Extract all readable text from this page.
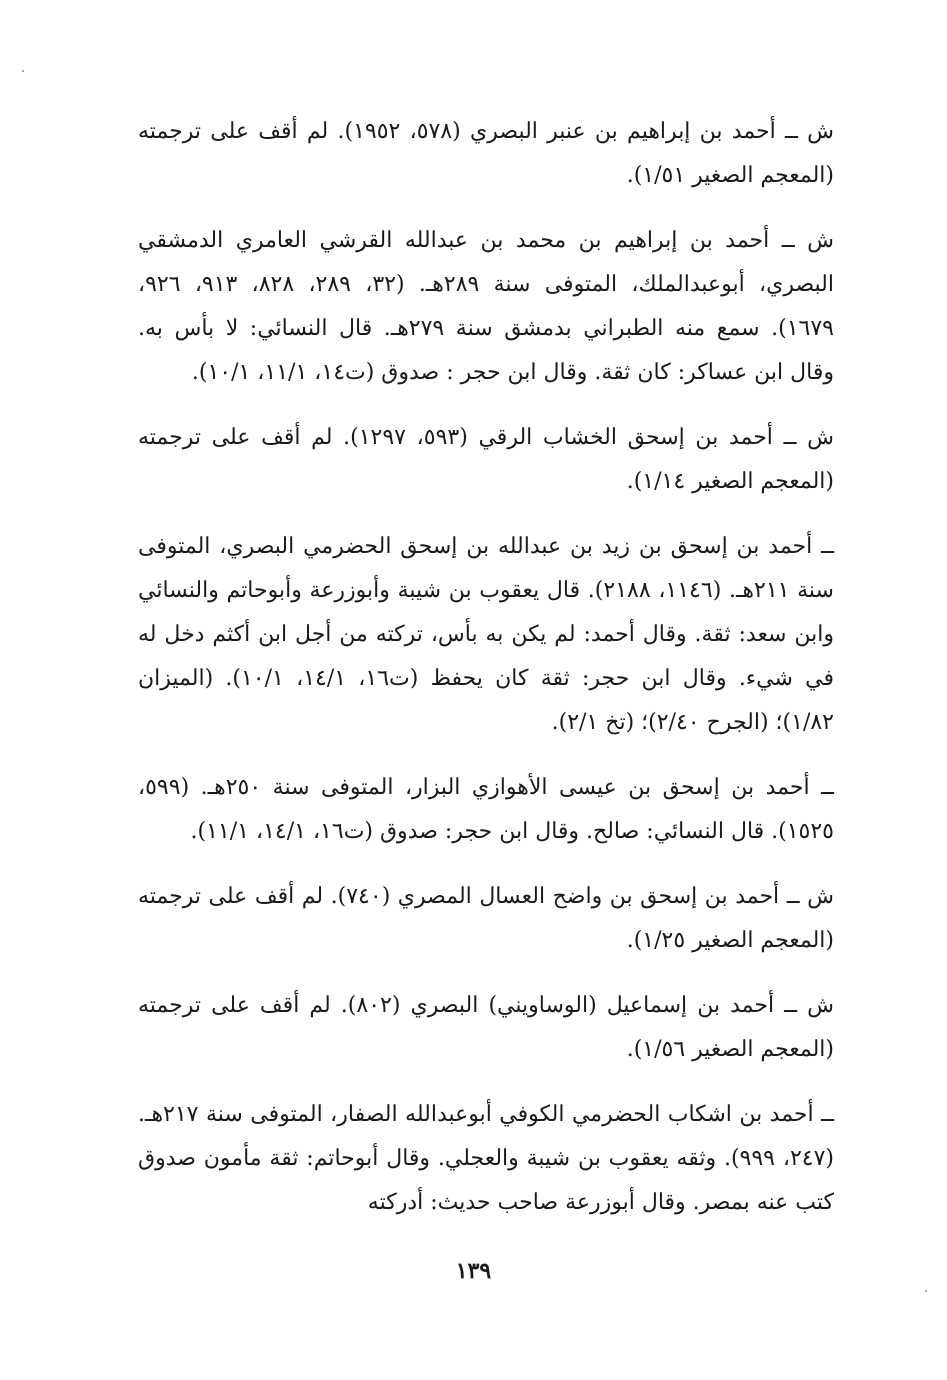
ش ــ أحمد بن إبراهيم بن عنبر البصري (٥٧٨، ١٩٥٢). لم أقف على ترجمته (المعجم الصغير ١/٥١).

ش ــ أحمد بن إبراهيم بن محمد بن عبدالله القرشي العامري الدمشقي البصري، أبوعبدالملك، المتوفى سنة ٢٨٩هـ. (٣٢، ٢٨٩، ٨٢٨، ٩١٣، ٩٢٦، ١٦٧٩). سمع منه الطبراني بدمشق سنة ٢٧٩هـ. قال النسائي: لا بأس به. وقال ابن عساكر: كان ثقة. وقال ابن حجر : صدوق (ت١٤، ١١/١، ١٠/١).

ش ــ أحمد بن إسحق الخشاب الرقي (٥٩٣، ١٢٩٧). لم أقف على ترجمته (المعجم الصغير ١/١٤).

ــ أحمد بن إسحق بن زيد بن عبدالله بن إسحق الحضرمي البصري، المتوفى سنة ٢١١هـ. (١١٤٦، ٢١٨٨). قال يعقوب بن شيبة وأبوزرعة وأبوحاتم والنسائي وابن سعد: ثقة. وقال أحمد: لم يكن به بأس، تركته من أجل ابن أكثم دخل له في شيء. وقال ابن حجر: ثقة كان يحفظ (ت١٦، ١٤/١، ١٠/١). (الميزان ١/٨٢)؛ (الجرح ٢/٤٠)؛ (تخ ٢/١).

ــ أحمد بن إسحق بن عيسى الأهوازي البزار، المتوفى سنة ٢٥٠هـ. (٥٩٩، ١٥٢٥). قال النسائي: صالح. وقال ابن حجر: صدوق (ت١٦، ١٤/١، ١١/١).

ش ــ أحمد بن إسحق بن واضح العسال المصري (٧٤٠). لم أقف على ترجمته (المعجم الصغير ١/٢٥).

ش ــ أحمد بن إسماعيل (الوساويني) البصري (٨٠٢). لم أقف على ترجمته (المعجم الصغير ١/٥٦).

ــ أحمد بن اشكاب الحضرمي الكوفي أبوعبدالله الصفار، المتوفى سنة ٢١٧هـ. (٢٤٧، ٩٩٩). وثقه يعقوب بن شيبة والعجلي. وقال أبوحاتم: ثقة مأمون صدوق كتب عنه بمصر. وقال أبوزرعة صاحب حديث: أدركته

١٣٩
